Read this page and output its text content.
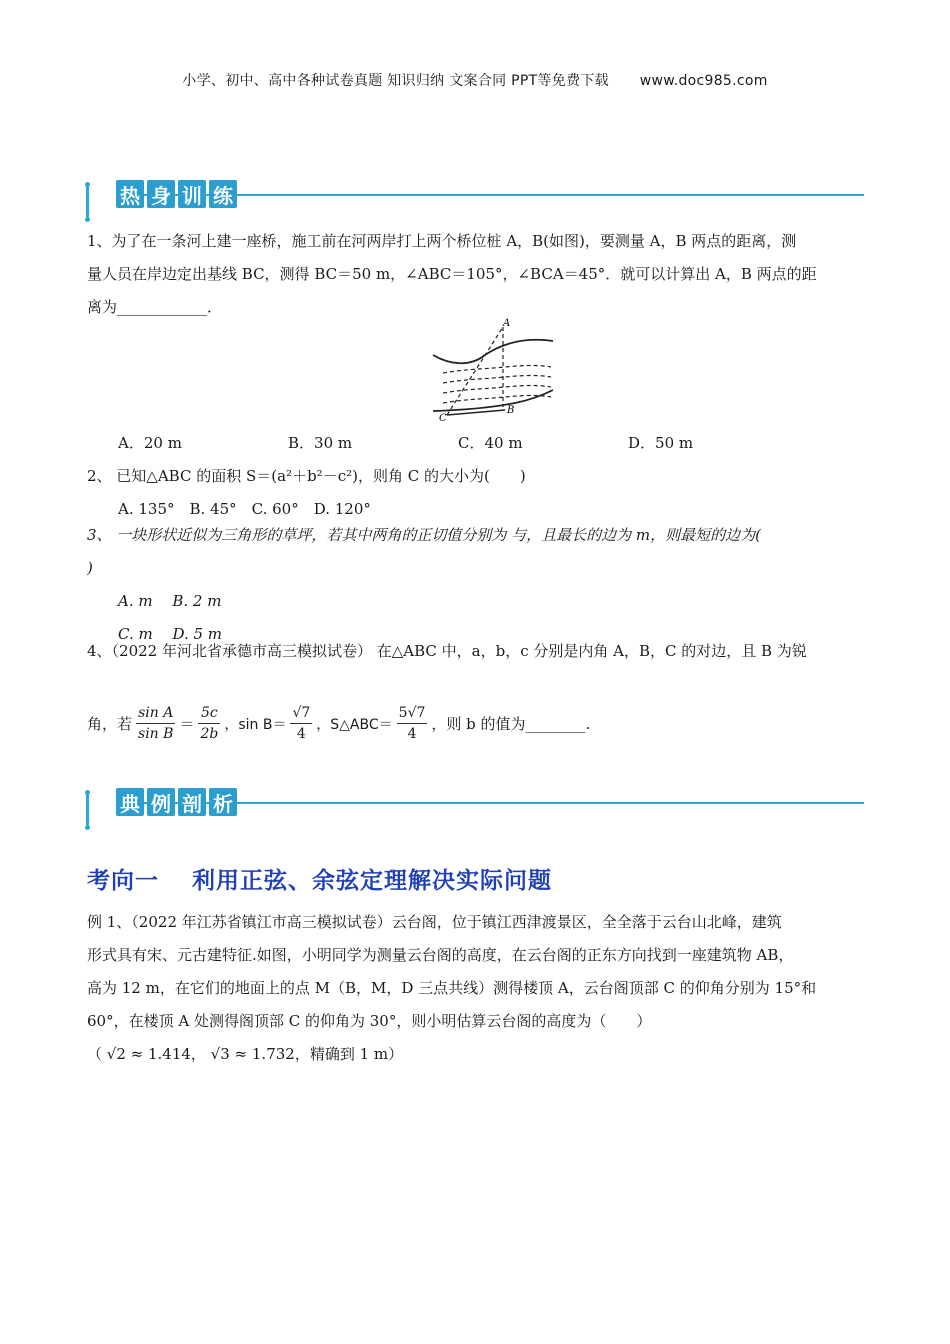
小学、初中、高中各种试卷真题 知识归纳 文案合同 PPT等免费下载 www.doc985.com
热 身 训 练
1、为了在一条河上建一座桥，施工前在河两岸打上两个桥位桩 A，B(如图)，要测量 A，B 两点的距离，测
量人员在岸边定出基线 BC，测得 BC＝50 m，∠ABC＝105°，∠BCA＝45°．就可以计算出 A，B 两点的距
离为____________．
A
B
C
A．20 m	B．30 m	C．40 m	D．50 m
2、 已知△ABC 的面积 S＝(a²＋b²－c²)，则角 C 的大小为(　　)
A. 135°　B. 45°　C. 60°　D. 120°
3、 一块形状近似为三角形的草坪，若其中两角的正切值分别为 与，且最长的边为 m，则最短的边为(
)
A. m　 B. 2 m
C. m　 D. 5 m
4、（2022 年河北省承德市高三模拟试卷） 在△ABC 中，a，b，c 分别是内角 A，B，C 的对边，且 B 为锐
角，若 $\frac{\text{sin A}}{\text{sin B}} = \frac{5c}{2b}$ ，$\sin B= \frac{√7}{4}$ ，S△ABC＝ $\frac{5√7}{4}$ ，则 b 的值为________.
典 例 剖 析
考向一　 利用正弦、余弦定理解决实际问题
例 1、（2022 年江苏省镇江市高三模拟试卷）云台阁，位于镇江西津渡景区，全全落于云台山北峰，建筑
形式具有宋、元古建特征.如图，小明同学为测量云台阁的高度，在云台阁的正东方向找到一座建筑物 AB，
高为 12 m，在它们的地面上的点 M（B，M，D 三点共线）测得楼顶 A，云台阁顶部 C 的仰角分别为 15°和
60°，在楼顶 A 处测得阁顶部 C 的仰角为 30°，则小明估算云台阁的高度为（　　）
（ √2 ≈ 1.414， √3 ≈ 1.732，精确到 1 m）
